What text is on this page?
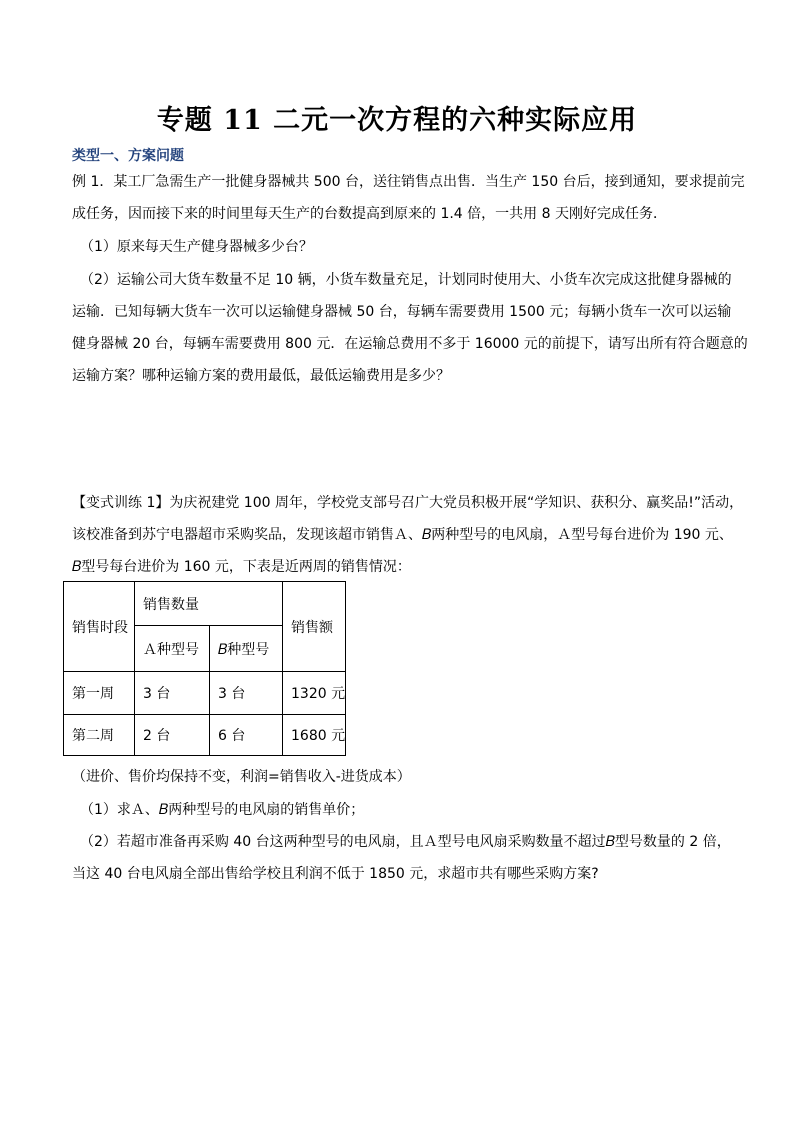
专题 11 二元一次方程的六种实际应用
类型一、方案问题
例 1．某工厂急需生产一批健身器械共 500 台，送往销售点出售．当生产 150 台后，接到通知，要求提前完
成任务，因而接下来的时间里每天生产的台数提高到原来的 1.4 倍，一共用 8 天刚好完成任务．
（1）原来每天生产健身器械多少台？
（2）运输公司大货车数量不足 10 辆，小货车数量充足，计划同时使用大、小货车次完成这批健身器械的
运输．已知每辆大货车一次可以运输健身器械 50 台，每辆车需要费用 1500 元；每辆小货车一次可以运输
健身器械 20 台，每辆车需要费用 800 元．在运输总费用不多于 16000 元的前提下，请写出所有符合题意的
运输方案？哪种运输方案的费用最低，最低运输费用是多少？
【变式训练 1】为庆祝建党 100 周年，学校党支部号召广大党员积极开展“学知识、获积分、赢奖品!”活动，
该校准备到苏宁电器超市采购奖品，发现该超市销售Ａ、𝐵两种型号的电风扇，Ａ型号每台进价为 190 元、
𝐵型号每台进价为 160 元，下表是近两周的销售情况：
销售时段	销售数量		销售额
	Ａ种型号	𝐵种型号	
第一周	3 台	3 台	1320 元
第二周	2 台	6 台	1680 元
（进价、售价均保持不变，利润=销售收入-进货成本）
（1）求Ａ、𝐵两种型号的电风扇的销售单价；
（2）若超市准备再采购 40 台这两种型号的电风扇，且Ａ型号电风扇采购数量不超过𝐵型号数量的 2 倍，
当这 40 台电风扇全部出售给学校且利润不低于 1850 元，求超市共有哪些采购方案?
